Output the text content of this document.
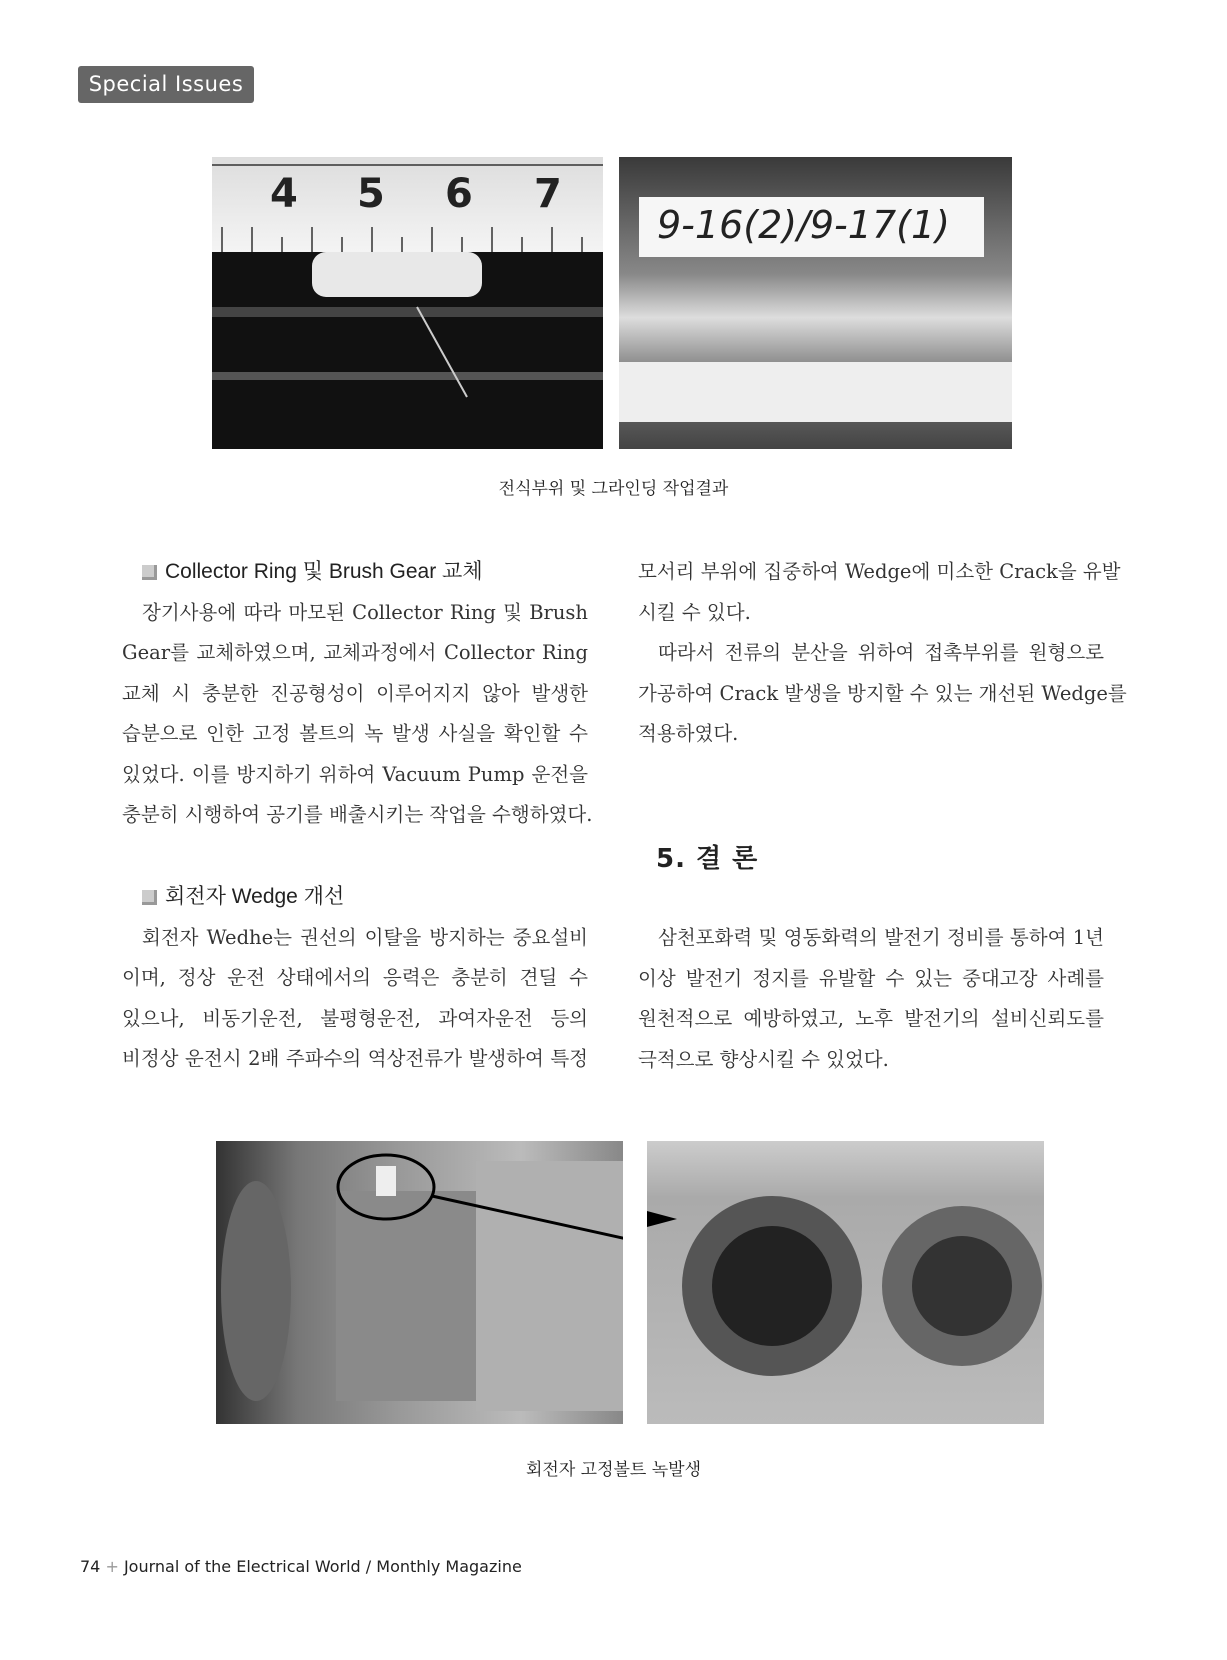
Special Issues
4 5 6 7
9-16(2)/9-17(1)
전식부위 및 그라인딩 작업결과
Collector Ring 및 Brush Gear 교체
장기사용에 따라 마모된 Collector Ring 및 Brush
Gear를 교체하였으며, 교체과정에서 Collector Ring
교체 시 충분한 진공형성이 이루어지지 않아 발생한
습분으로 인한 고정 볼트의 녹 발생 사실을 확인할 수
있었다. 이를 방지하기 위하여 Vacuum Pump 운전을
충분히 시행하여 공기를 배출시키는 작업을 수행하였다.
회전자 Wedge 개선
회전자 Wedhe는 권선의 이탈을 방지하는 중요설비
이며, 정상 운전 상태에서의 응력은 충분히 견딜 수
있으나, 비동기운전, 불평형운전, 과여자운전 등의
비정상 운전시 2배 주파수의 역상전류가 발생하여 특정
모서리 부위에 집중하여 Wedge에 미소한 Crack을 유발
시킬 수 있다.
따라서 전류의 분산을 위하여 접촉부위를 원형으로
가공하여 Crack 발생을 방지할 수 있는 개선된 Wedge를
적용하였다.
5. 결 론
삼천포화력 및 영동화력의 발전기 정비를 통하여 1년
이상 발전기 정지를 유발할 수 있는 중대고장 사례를
원천적으로 예방하였고, 노후 발전기의 설비신뢰도를
극적으로 향상시킬 수 있었다.
회전자 고정볼트 녹발생
74 + Journal of the Electrical World / Monthly Magazine
